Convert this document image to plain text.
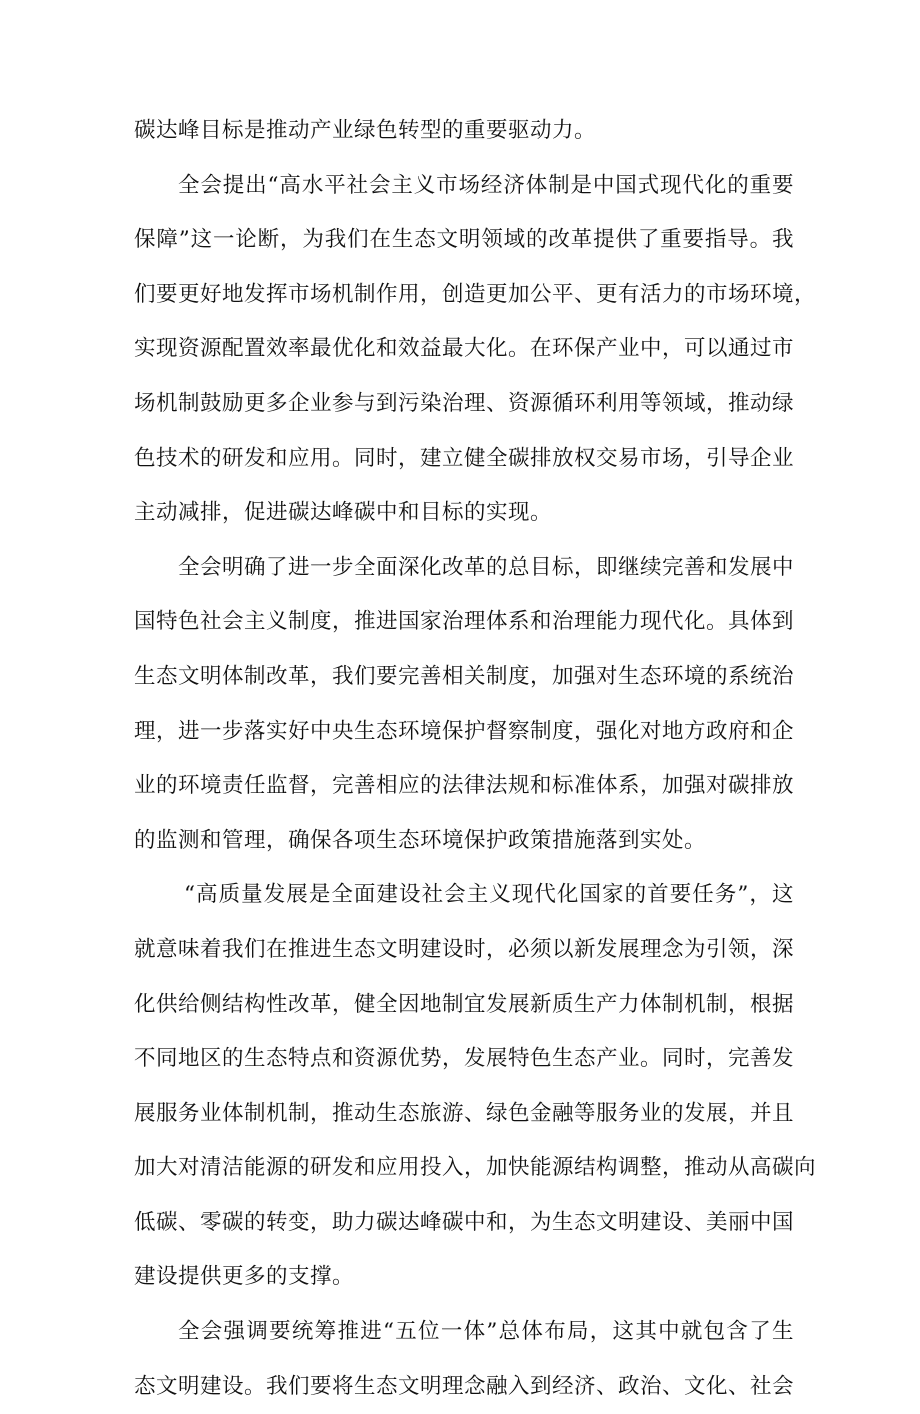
碳达峰目标是推动产业绿色转型的重要驱动力。
全会提出“高水平社会主义市场经济体制是中国式现代化的重要
保障”这一论断，为我们在生态文明领域的改革提供了重要指导。我
们要更好地发挥市场机制作用，创造更加公平、更有活力的市场环境，
实现资源配置效率最优化和效益最大化。在环保产业中，可以通过市
场机制鼓励更多企业参与到污染治理、资源循环利用等领域，推动绿
色技术的研发和应用。同时，建立健全碳排放权交易市场，引导企业
主动减排，促进碳达峰碳中和目标的实现。
全会明确了进一步全面深化改革的总目标，即继续完善和发展中
国特色社会主义制度，推进国家治理体系和治理能力现代化。具体到
生态文明体制改革，我们要完善相关制度，加强对生态环境的系统治
理，进一步落实好中央生态环境保护督察制度，强化对地方政府和企
业的环境责任监督，完善相应的法律法规和标准体系，加强对碳排放
的监测和管理，确保各项生态环境保护政策措施落到实处。
“高质量发展是全面建设社会主义现代化国家的首要任务”，这
就意味着我们在推进生态文明建设时，必须以新发展理念为引领，深
化供给侧结构性改革，健全因地制宜发展新质生产力体制机制，根据
不同地区的生态特点和资源优势，发展特色生态产业。同时，完善发
展服务业体制机制，推动生态旅游、绿色金融等服务业的发展，并且
加大对清洁能源的研发和应用投入，加快能源结构调整，推动从高碳向
低碳、零碳的转变，助力碳达峰碳中和，为生态文明建设、美丽中国
建设提供更多的支撑。
全会强调要统筹推进“五位一体”总体布局，这其中就包含了生
态文明建设。我们要将生态文明理念融入到经济、政治、文化、社会
